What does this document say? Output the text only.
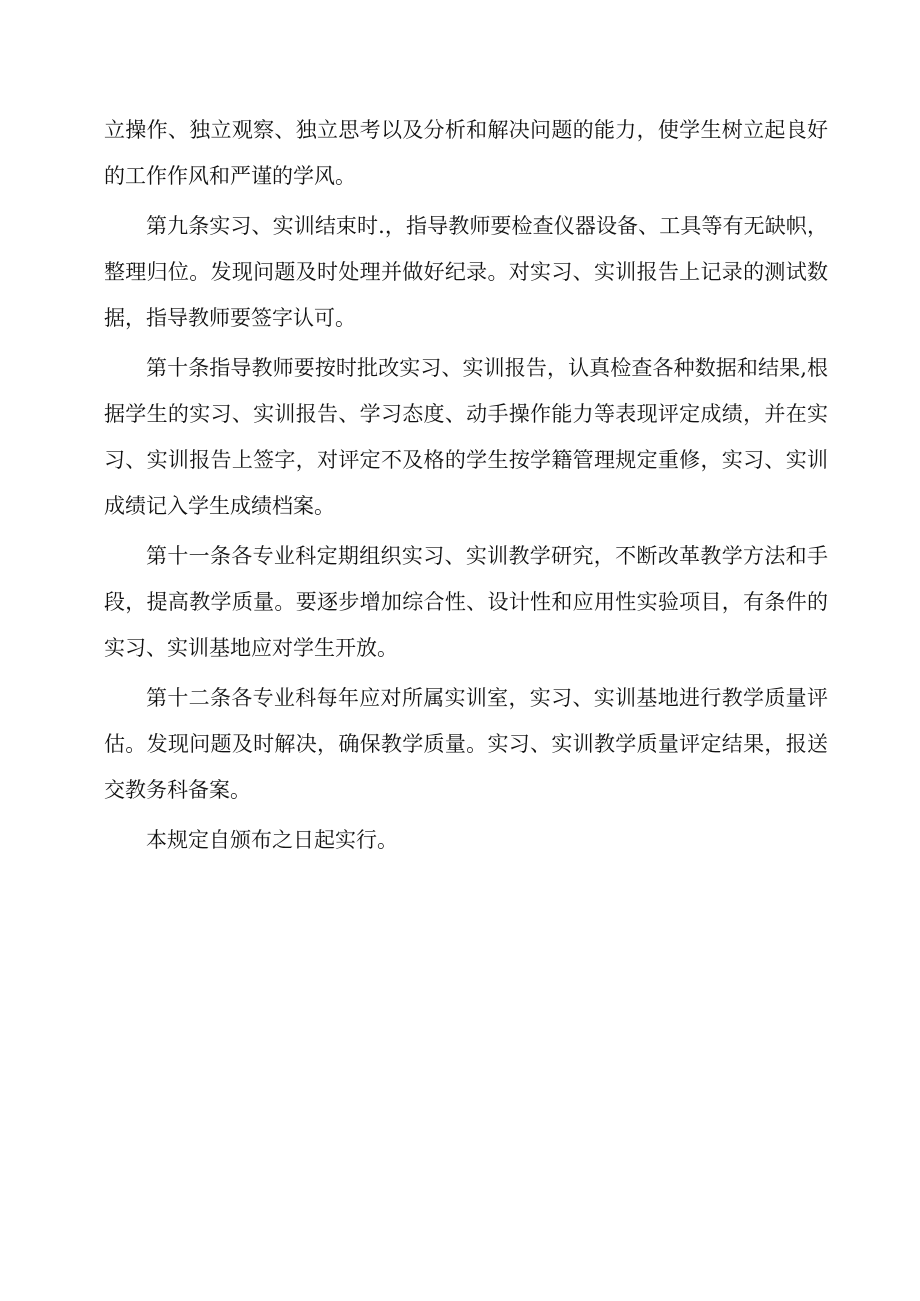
立操作、独立观察、独立思考以及分析和解决问题的能力，使学生树立起良好的工作作风和严谨的学风。

第九条实习、实训结束时.，指导教师要检查仪器设备、工具等有无缺帜，整理归位。发现问题及时处理并做好纪录。对实习、实训报告上记录的测试数据，指导教师要签字认可。

第十条指导教师要按时批改实习、实训报告，认真检查各种数据和结果,根据学生的实习、实训报告、学习态度、动手操作能力等表现评定成绩，并在实习、实训报告上签字，对评定不及格的学生按学籍管理规定重修，实习、实训成绩记入学生成绩档案。

第十一条各专业科定期组织实习、实训教学研究，不断改革教学方法和手段，提高教学质量。要逐步增加综合性、设计性和应用性实验项目，有条件的实习、实训基地应对学生开放。

第十二条各专业科每年应对所属实训室，实习、实训基地进行教学质量评估。发现问题及时解决，确保教学质量。实习、实训教学质量评定结果，报送交教务科备案。

本规定自颁布之日起实行。
